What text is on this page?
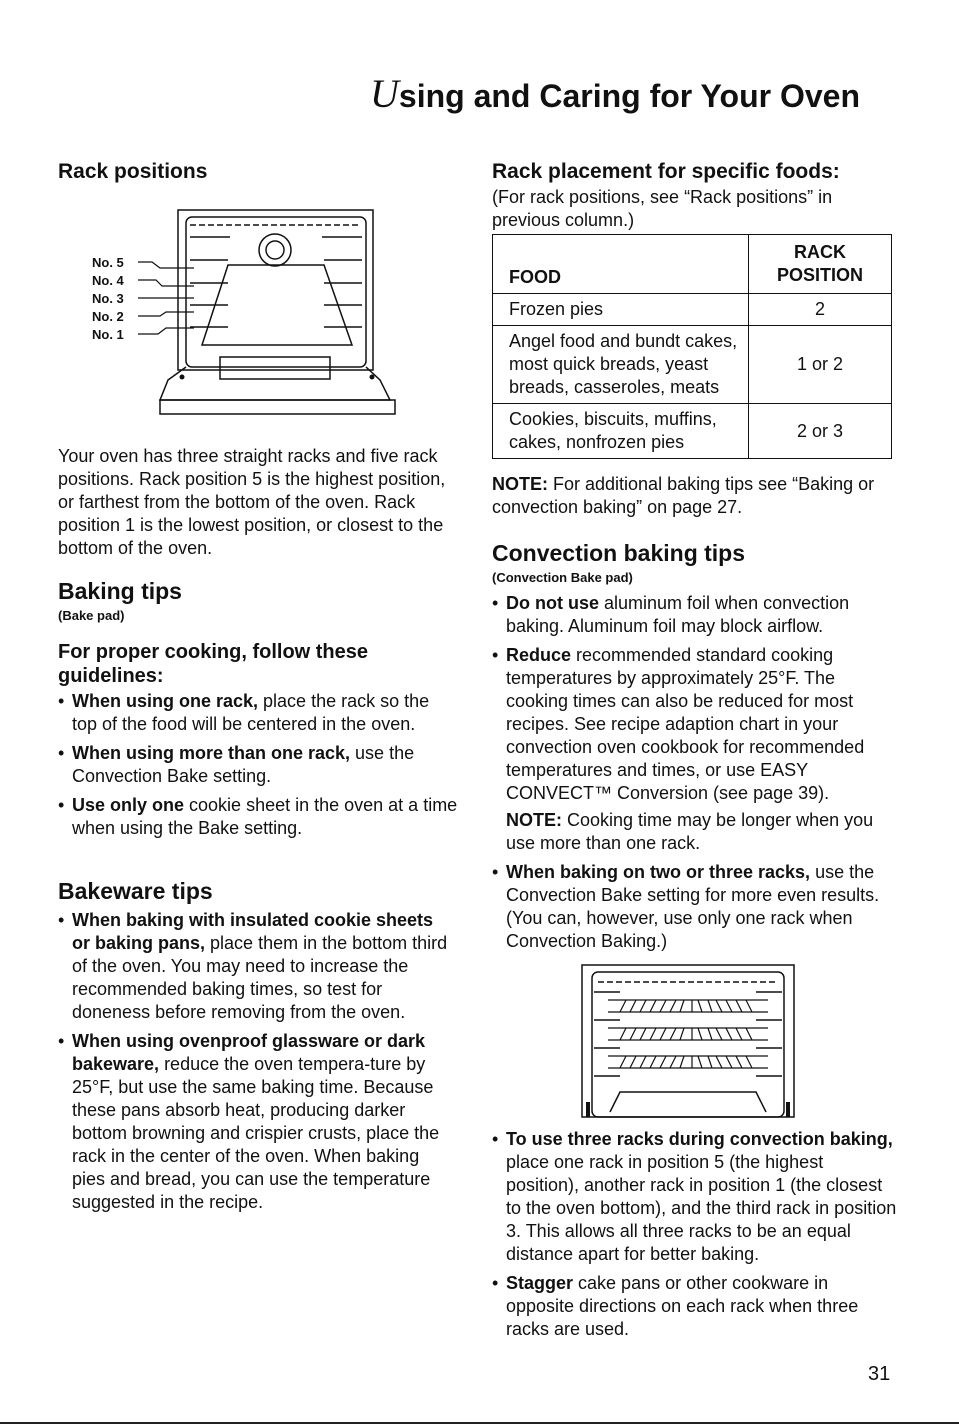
Using and Caring for Your Oven
Rack positions
No. 5
No. 4
No. 3
No. 2
No. 1
Your oven has three straight racks and five rack positions. Rack position 5 is the highest position, or farthest from the bottom of the oven. Rack position 1 is the lowest position, or closest to the bottom of the oven.
Baking tips
(Bake pad)
For proper cooking, follow these guidelines:

• When using one rack, place the rack so the top of the food will be centered in the oven.

• When using more than one rack, use the Convection Bake setting.

• Use only one cookie sheet in the oven at a time when using the Bake setting.

Bakeware tips

• When baking with insulated cookie sheets or baking pans, place them in the bottom third of the oven. You may need to increase the recommended baking times, so test for doneness before removing from the oven.

• When using ovenproof glassware or dark bakeware, reduce the oven tempera-ture by 25°F, but use the same baking time. Because these pans absorb heat, producing darker bottom browning and crispier crusts, place the rack in the center of the oven. When baking pies and bread, you can use the temperature suggested in the recipe.

Rack placement for specific foods:
(For rack positions, see “Rack positions” in previous column.)
FOOD	RACK
POSITION

Frozen pies	2
Angel food and bundt cakes, most quick breads, yeast breads, casseroles, meats	1 or 2
Cookies, biscuits, muffins, cakes, nonfrozen pies	2 or 3
NOTE: For additional baking tips see “Baking or convection baking” on page 27.
Convection baking tips
(Convection Bake pad)

• Do not use aluminum foil when convection baking. Aluminum foil may block airflow.

• Reduce recommended standard cooking temperatures by approximately 25°F. The cooking times can also be reduced for most recipes. See recipe adaption chart in your convection oven cookbook for recommended temperatures and times, or use EASY CONVECT™ Conversion (see page 39).

NOTE: Cooking time may be longer when you use more than one rack.

• When baking on two or three racks, use the Convection Bake setting for more even results. (You can, however, use only one rack when Convection Baking.)

• To use three racks during convection baking, place one rack in position 5 (the highest position), another rack in position 1 (the closest to the oven bottom), and the third rack in position 3. This allows all three racks to be an equal distance apart for better baking.

• Stagger cake pans or other cookware in opposite directions on each rack when three racks are used.

31
